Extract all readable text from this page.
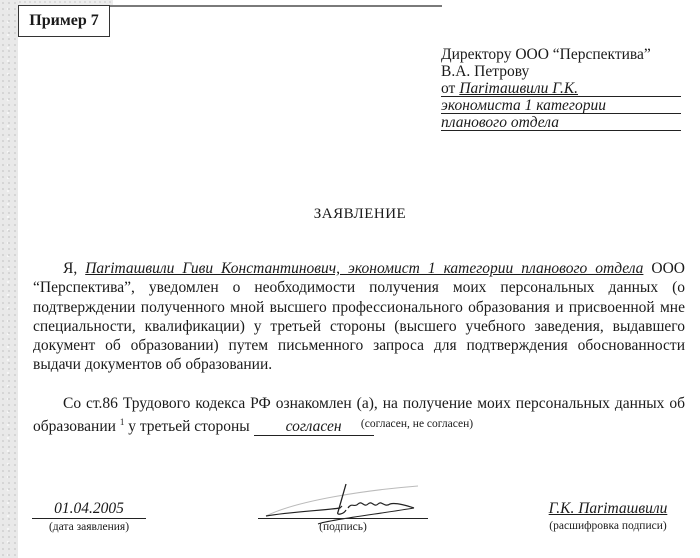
Пример 7
Директору ООО “Перспектива”
В.А. Петрову
от Пariташвили Г.К.
экономиста 1 категории
планового отдела
ЗАЯВЛЕНИЕ

Я, Пariташвили Гиви Константинович, экономист 1 категории планового отдела ООО “Перспектива”, уведомлен о необходимости получения моих персональных данных (о подтверждении полученного мной высшего профессионального образования и присвоенной мне специальности, квалификации) у третьей стороны (высшего учебного заведения, выдавшего документ об образовании) путем письменного запроса для подтверждения обоснованности выдачи документов об образовании.

Со ст.86 Трудового кодекса РФ ознакомлен (а), на получение моих персональных данных об образовании $^1$ у третьей стороны согласен	(согласен, не согласен)
01.04.2005
(дата заявления)	(подпись)
Г.К. Пariташвили
(расшифровка подписи)
